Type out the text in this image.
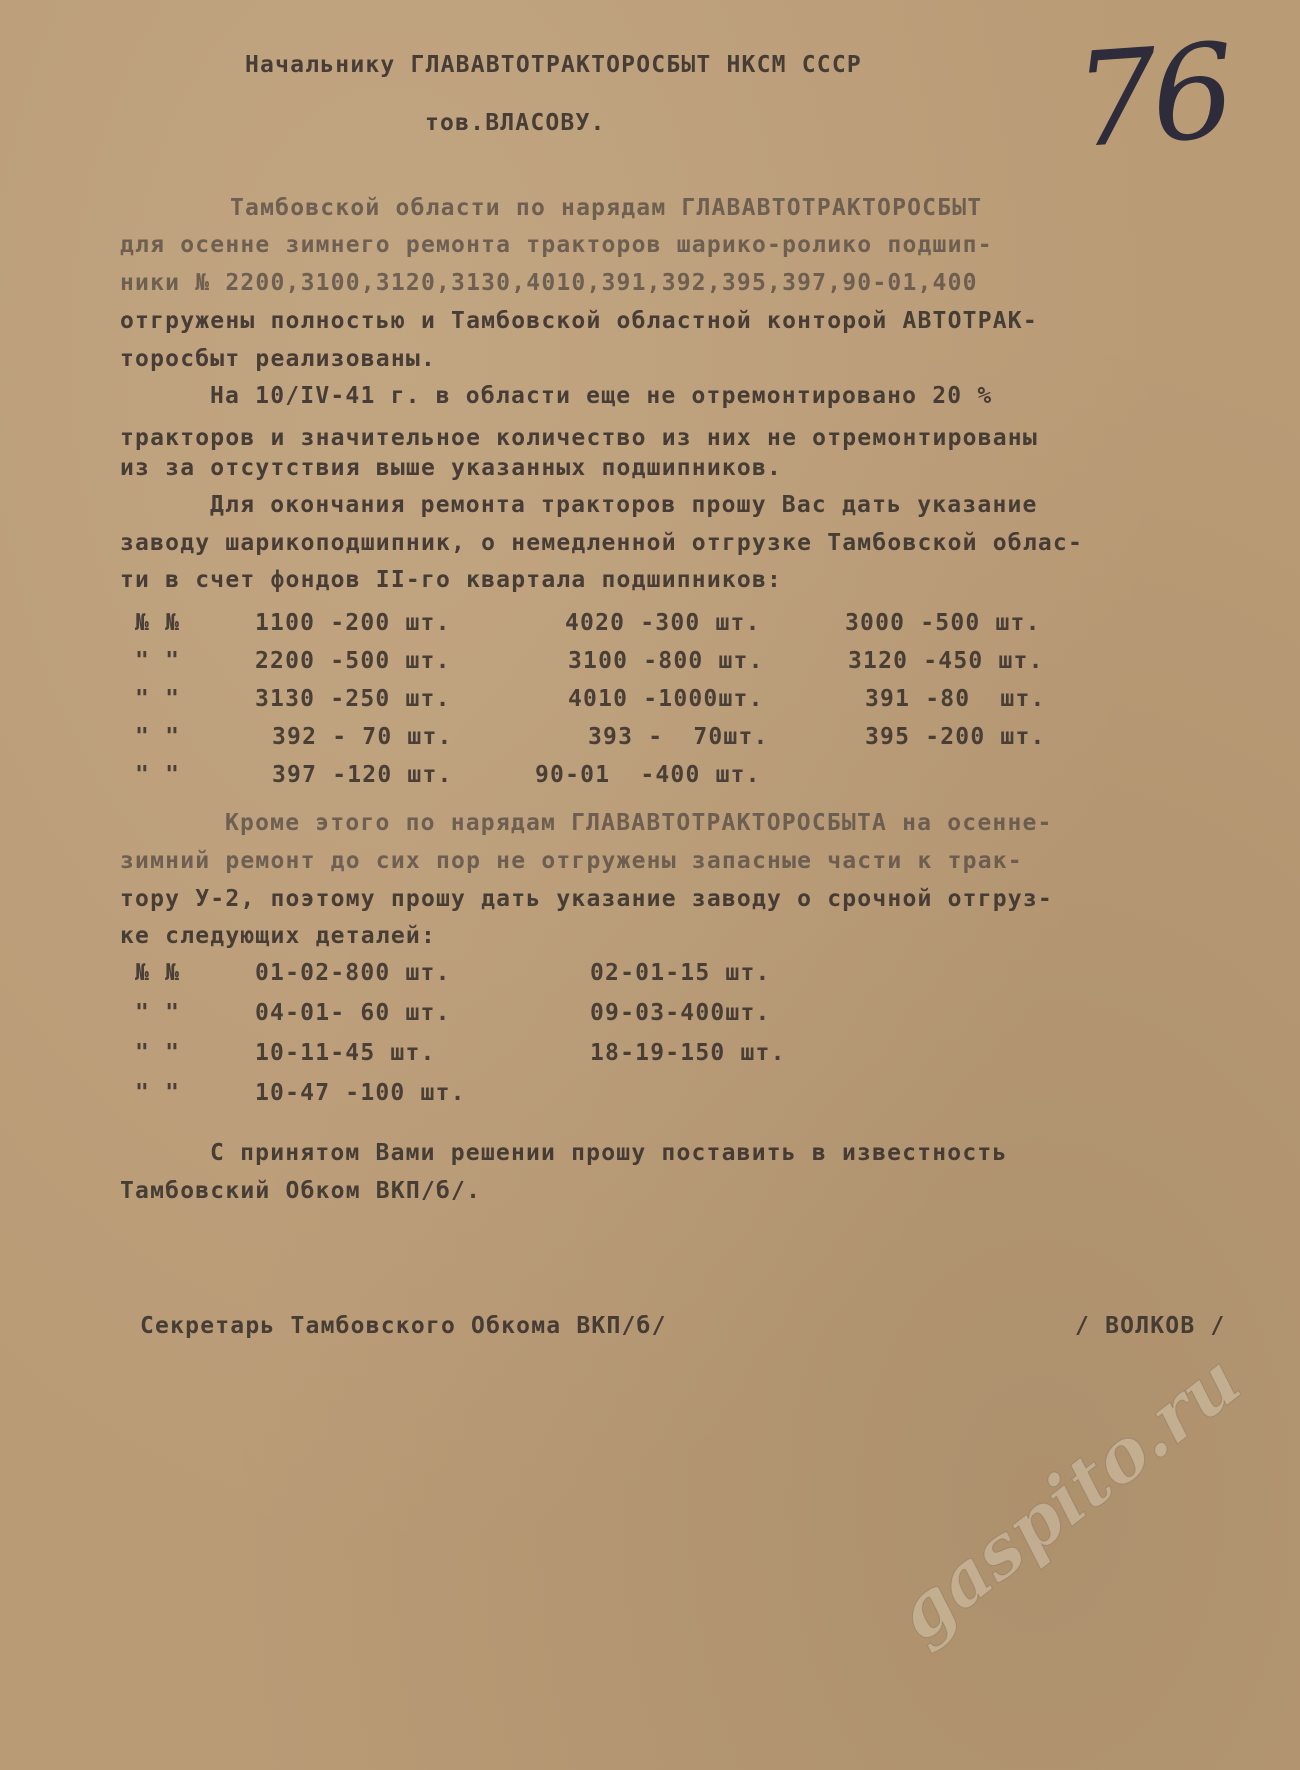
76
Начальнику ГЛАВАВТОТРАКТОРОСБЫТ НКСМ СССР
тов.ВЛАСОВУ.
Тамбовской области по нарядам ГЛАВАВТОТРАКТОРОСБЫТ
для осенне зимнего ремонта тракторов шарико-ролико подшип-
ники № 2200,3100,3120,3130,4010,391,392,395,397,90-01,400
отгружены полностью и Тамбовской областной конторой АВТОТРАК-
торосбыт реализованы.
На 10/IV-41 г. в области еще не отремонтировано 20 %
тракторов и значительное количество из них не отремонтированы
из за отсутствия выше указанных подшипников.
Для окончания ремонта тракторов прошу Вас дать указание
заводу шарикоподшипник, о немедленной отгрузке Тамбовской облас-
ти в счет фондов II-го квартала подшипников:
№ №	1100 -200 шт.	4020 -300 шт.	3000 -500 шт.
" "	2200 -500 шт.	3100 -800 шт.	3120 -450 шт.
" "	3130 -250 шт.	4010 -1000шт.	391 -80  шт.
" "	392 - 70 шт.	393 -  70шт.	395 -200 шт.
" "	397 -120 шт.	90-01  -400 шт.
Кроме этого по нарядам ГЛАВАВТОТРАКТОРОСБЫТА на осенне-
зимний ремонт до сих пор не отгружены запасные части к трак-
тору У-2, поэтому прошу дать указание заводу о срочной отгруз-
ке следующих деталей:
№ №	01-02-800 шт.	02-01-15 шт.
" "	04-01- 60 шт.	09-03-400шт.
" "	10-11-45 шт.	18-19-150 шт.
" "	10-47 -100 шт.
С принятом Вами решении прошу поставить в известность
Тамбовский Обком ВКП/б/.
Секретарь Тамбовского Обкома ВКП/б/	/ ВОЛКОВ /
gaspito.ru
